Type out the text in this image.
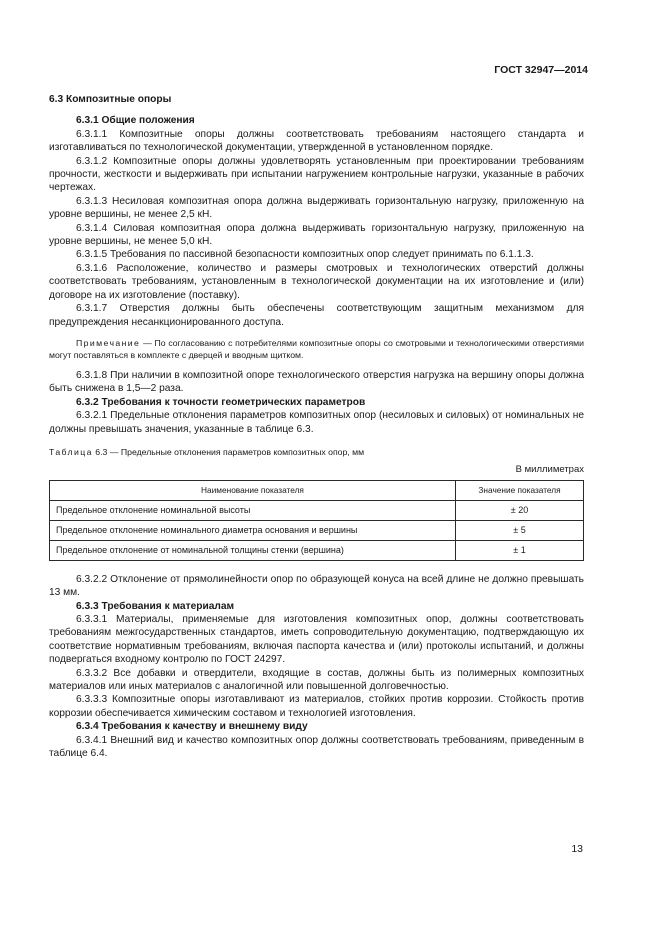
ГОСТ 32947—2014

6.3 Композитные опоры

6.3.1 Общие положения

6.3.1.1 Композитные опоры должны соответствовать требованиям настоящего стандарта и изготавливаться по технологической документации, утвержденной в установленном порядке.

6.3.1.2 Композитные опоры должны удовлетворять установленным при проектировании требованиям прочности, жесткости и выдерживать при испытании нагружением контрольные нагрузки, указанные в рабочих чертежах.

6.3.1.3 Несиловая композитная опора должна выдерживать горизонтальную нагрузку, приложенную на уровне вершины, не менее 2,5 кН.

6.3.1.4 Силовая композитная опора должна выдерживать горизонтальную нагрузку, приложенную на уровне вершины, не менее 5,0 кН.

6.3.1.5 Требования по пассивной безопасности композитных опор следует принимать по 6.1.1.3.

6.3.1.6 Расположение, количество и размеры смотровых и технологических отверстий должны соответствовать требованиям, установленным в технологической документации на их изготовление и (или) договоре на их изготовление (поставку).

6.3.1.7 Отверстия должны быть обеспечены соответствующим защитным механизмом для предупреждения несанкционированного доступа.

Примечание — По согласованию с потребителями композитные опоры со смотровыми и технологическими отверстиями могут поставляться в комплекте с дверцей и вводным щитком.

6.3.1.8 При наличии в композитной опоре технологического отверстия нагрузка на вершину опоры должна быть снижена в 1,5—2 раза.

6.3.2 Требования к точности геометрических параметров

6.3.2.1 Предельные отклонения параметров композитных опор (несиловых и силовых) от номинальных не должны превышать значения, указанные в таблице 6.3.

Таблица 6.3 — Предельные отклонения параметров композитных опор, мм

В миллиметрах
Наименование показателя	Значение показателя
Предельное отклонение номинальной высоты	± 20
Предельное отклонение номинального диаметра основания и вершины	± 5
Предельное отклонение от номинальной толщины стенки (вершина)	± 1

6.3.2.2 Отклонение от прямолинейности опор по образующей конуса на всей длине не должно превышать 13 мм.

6.3.3 Требования к материалам

6.3.3.1 Материалы, применяемые для изготовления композитных опор, должны соответствовать требованиям межгосударственных стандартов, иметь сопроводительную документацию, подтверждающую их соответствие нормативным требованиям, включая паспорта качества и (или) протоколы испытаний, и должны подвергаться входному контролю по ГОСТ 24297.

6.3.3.2 Все добавки и отвердители, входящие в состав, должны быть из полимерных композитных материалов или иных материалов с аналогичной или повышенной долговечностью.

6.3.3.3 Композитные опоры изготавливают из материалов, стойких против коррозии. Стойкость против коррозии обеспечивается химическим составом и технологией изготовления.

6.3.4 Требования к качеству и внешнему виду

6.3.4.1 Внешний вид и качество композитных опор должны соответствовать требованиям, приведенным в таблице 6.4.

13
